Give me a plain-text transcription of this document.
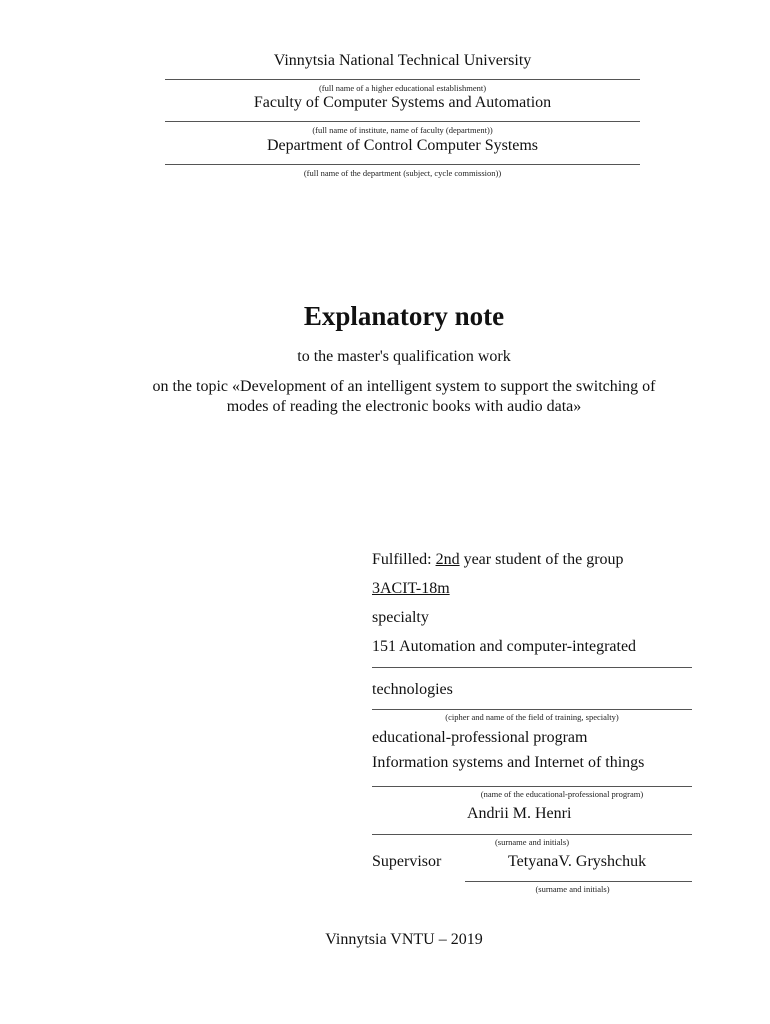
Vinnytsia National Technical University
(full name of a higher educational establishment)
Faculty of Computer Systems and Automation
(full name of institute, name of faculty (department))
Department of Control Computer Systems
(full name of the department (subject, cycle commission))
Explanatory note
to the master's qualification work
on the topic «Development of an intelligent system to support the switching of
modes of reading the electronic books with audio data»
Fulfilled: 2nd year student of the group
3ACIT-18m
specialty
151 Automation and computer-integrated
technologies
(cipher and name of the field of training, specialty)
educational-professional program
Information systems and Internet of things
(name of the educational-professional program)
Andrii M. Henri
(surname and initials)
Supervisor	TetyanaV. Gryshchuk
(surname and initials)
Vinnytsia VNTU – 2019
